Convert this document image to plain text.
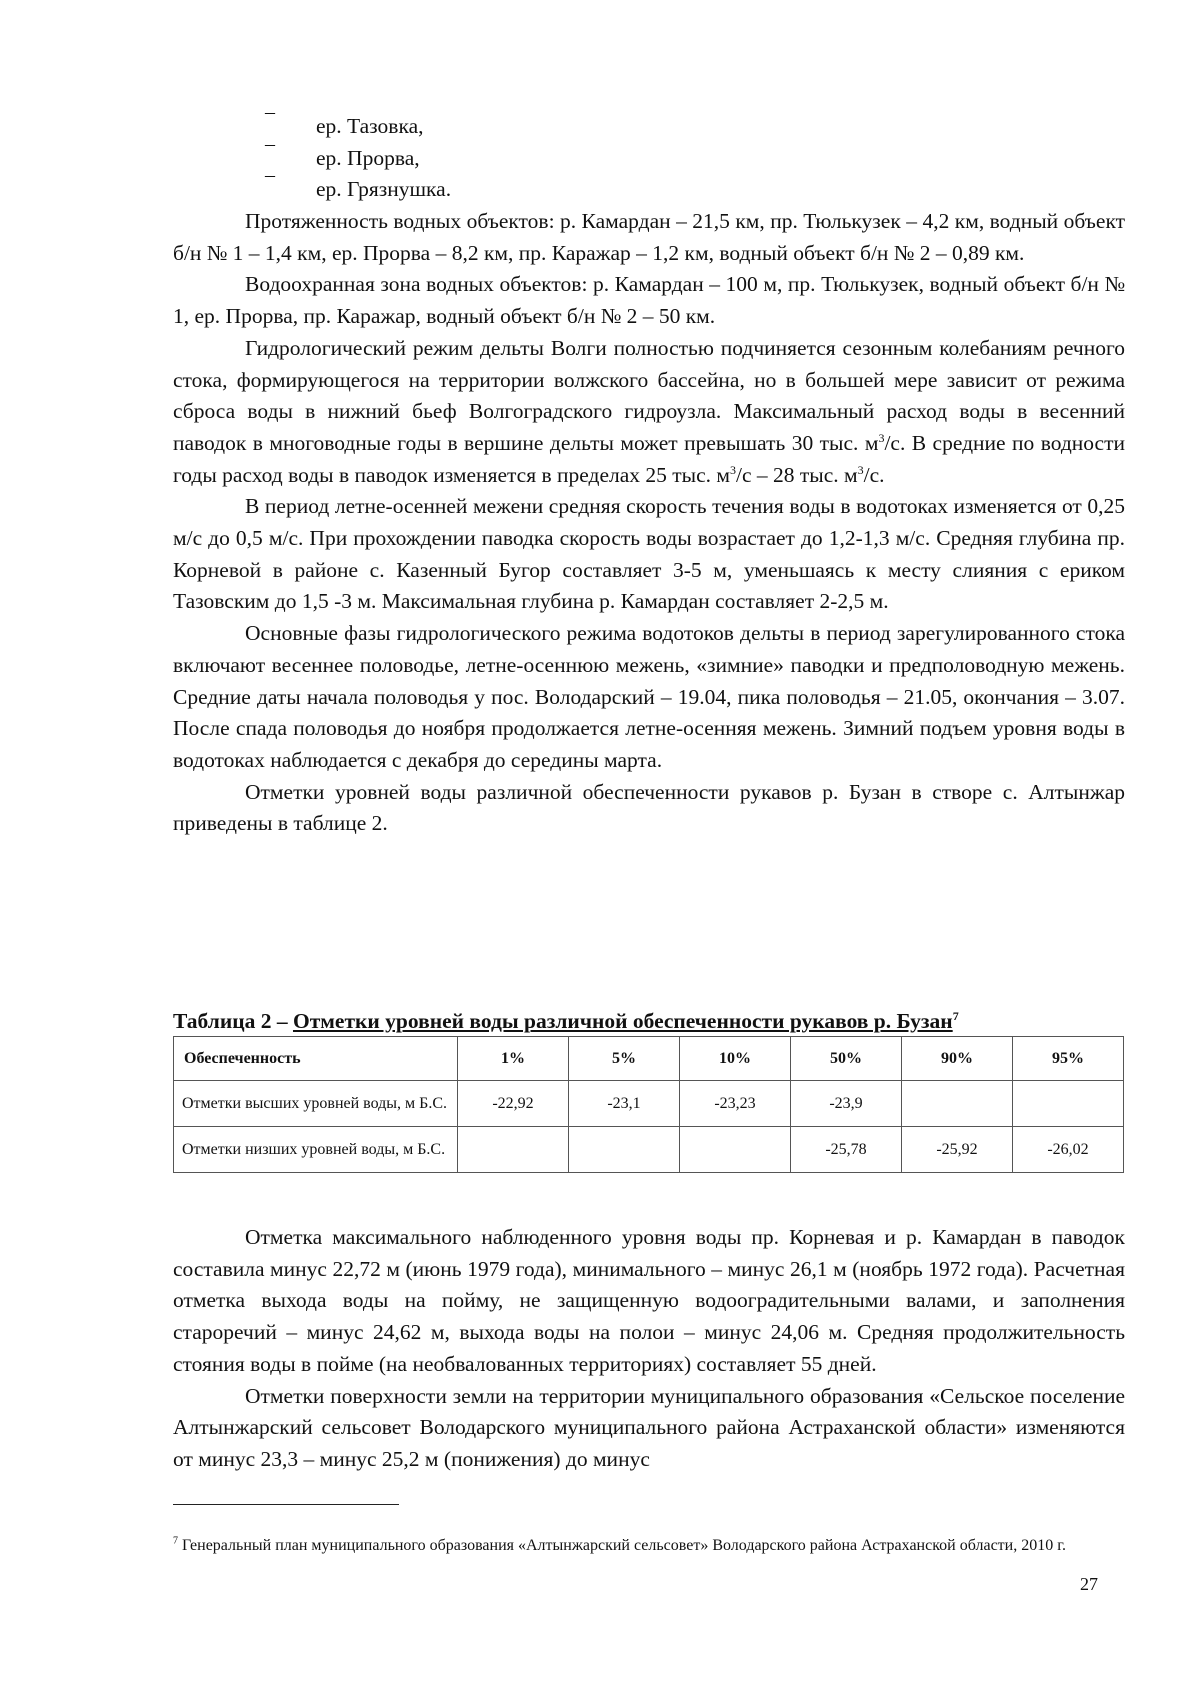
–
ер. Тазовка,
–
ер. Прорва,
–
ер. Грязнушка.

Протяженность водных объектов: р. Камардан – 21,5 км, пр. Тюлькузек – 4,2 км, водный объект б/н № 1 – 1,4 км, ер. Прорва – 8,2 км, пр. Каражар – 1,2 км, водный объект б/н № 2 – 0,89 км.

Водоохранная зона водных объектов: р. Камардан – 100 м, пр. Тюлькузек, водный объект б/н № 1, ер. Прорва, пр. Каражар, водный объект б/н № 2 – 50 км.

Гидрологический режим дельты Волги полностью подчиняется сезонным колебаниям речного стока, формирующегося на территории волжского бассейна, но в большей мере зависит от режима сброса воды в нижний бьеф Волгоградского гидроузла. Максимальный расход воды в весенний паводок в многоводные годы в вершине дельты может превышать 30 тыс. $м^3/с$. В средние по водности годы расход воды в паводок изменяется в пределах 25 тыс. $м^3/с - 28$ тыс. $м^3/с$.

В период летне-осенней межени средняя скорость течения воды в водотоках изменяется от 0,25 м/с до 0,5 м/с. При прохождении паводка скорость воды возрастает до 1,2-1,3 м/с. Средняя глубина пр. Корневой в районе с. Казенный Бугор составляет 3-5 м, уменьшаясь к месту слияния с ериком Тазовским до 1,5 -3 м. Максимальная глубина р. Камардан составляет 2-2,5 м.

Основные фазы гидрологического режима водотоков дельты в период зарегулированного стока включают весеннее половодье, летне-осеннюю межень, «зимние» паводки и предполоводную межень. Средние даты начала половодья у пос. Володарский – 19.04, пика половодья – 21.05, окончания – 3.07. После спада половодья до ноября продолжается летне-осенняя межень. Зимний подъем уровня воды в водотоках наблюдается с декабря до середины марта.

Отметки уровней воды различной обеспеченности рукавов р. Бузан в створе с. Алтынжар приведены в таблице 2.

Таблица 2 – Отметки уровней воды различной обеспеченности рукавов р. Бузан$^7$
Обеспеченность	1%	5%	10%	50%	90%	95%
Отметки высших уровней воды, м Б.С.	-22,92	-23,1	-23,23	-23,9		
Отметки низших уровней воды, м Б.С.				-25,78	-25,92	-26,02

Отметка максимального наблюденного уровня воды пр. Корневая и р. Камардан в паводок составила минус 22,72 м (июнь 1979 года), минимального – минус 26,1 м (ноябрь 1972 года). Расчетная отметка выхода воды на пойму, не защищенную водооградительными валами, и заполнения староречий – минус 24,62 м, выхода воды на полои – минус 24,06 м. Средняя продолжительность стояния воды в пойме (на необвалованных территориях) составляет 55 дней.

Отметки поверхности земли на территории муниципального образования «Сельское поселение Алтынжарский сельсовет Володарского муниципального района Астраханской области» изменяются от минус 23,3 – минус 25,2 м (понижения) до минус

$^7$ Генеральный план муниципального образования «Алтынжарский сельсовет» Володарского района Астраханской области, 2010 г.
27
